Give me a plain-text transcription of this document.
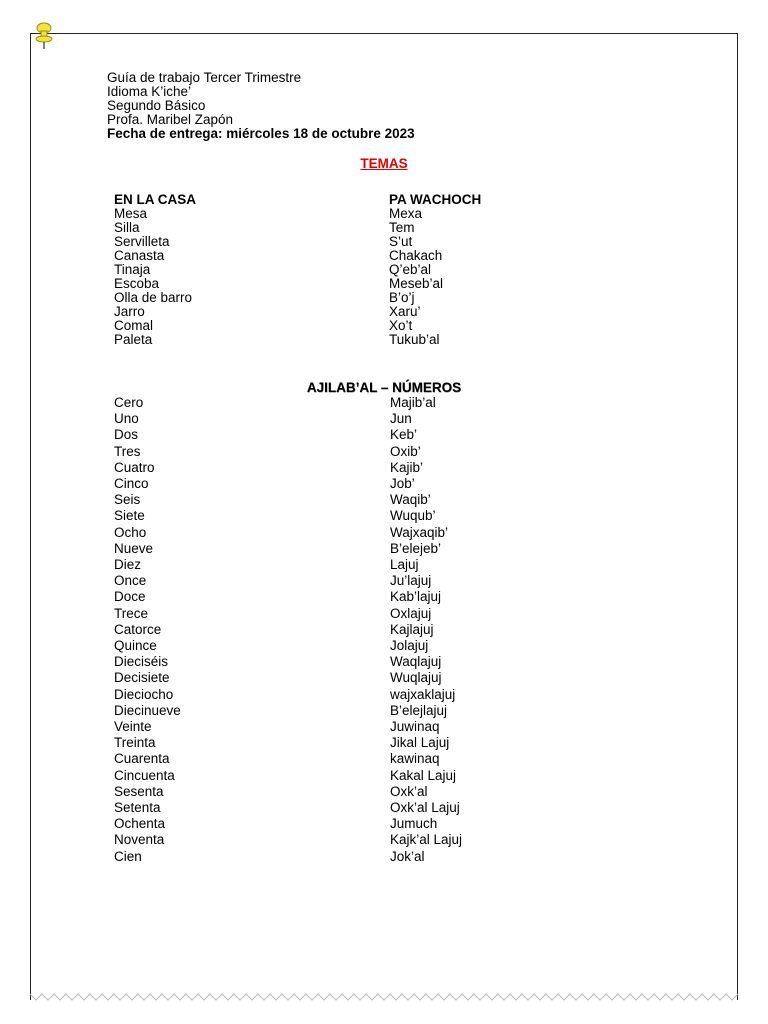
Guía de trabajo Tercer Trimestre
Idioma K’iche’
Segundo Básico
Profa. Maribel Zapón
Fecha de entrega: miércoles 18 de octubre 2023
TEMAS
EN LA CASA
Mesa
Silla
Servilleta
Canasta
Tinaja
Escoba
Olla de barro
Jarro
Comal
Paleta
PA WACHOCH
Mexa
Tem
S’ut
Chakach
Q’eb’al
Meseb’al
B’o’j
Xaru’
Xo’t
Tukub’al
AJILAB’AL – NÚMEROS
Cero
Uno
Dos
Tres
Cuatro
Cinco
Seis
Siete
Ocho
Nueve
Diez
Once
Doce
Trece
Catorce
Quince
Dieciséis
Decisiete
Dieciocho
Diecinueve
Veinte
Treinta
Cuarenta
Cincuenta
Sesenta
Setenta
Ochenta
Noventa
Cien
Majib’al
Jun
Keb’
Oxib’
Kajib’
Job’
Waqib’
Wuqub’
Wajxaqib’
B’elejeb’
Lajuj
Ju’lajuj
Kab’lajuj
Oxlajuj
Kajlajuj
Jolajuj
Waqlajuj
Wuqlajuj
wajxaklajuj
B’elejlajuj
Juwinaq
Jikal Lajuj
kawinaq
Kakal Lajuj
Oxk’al
Oxk’al Lajuj
Jumuch
Kajk’al Lajuj
Jok’al
